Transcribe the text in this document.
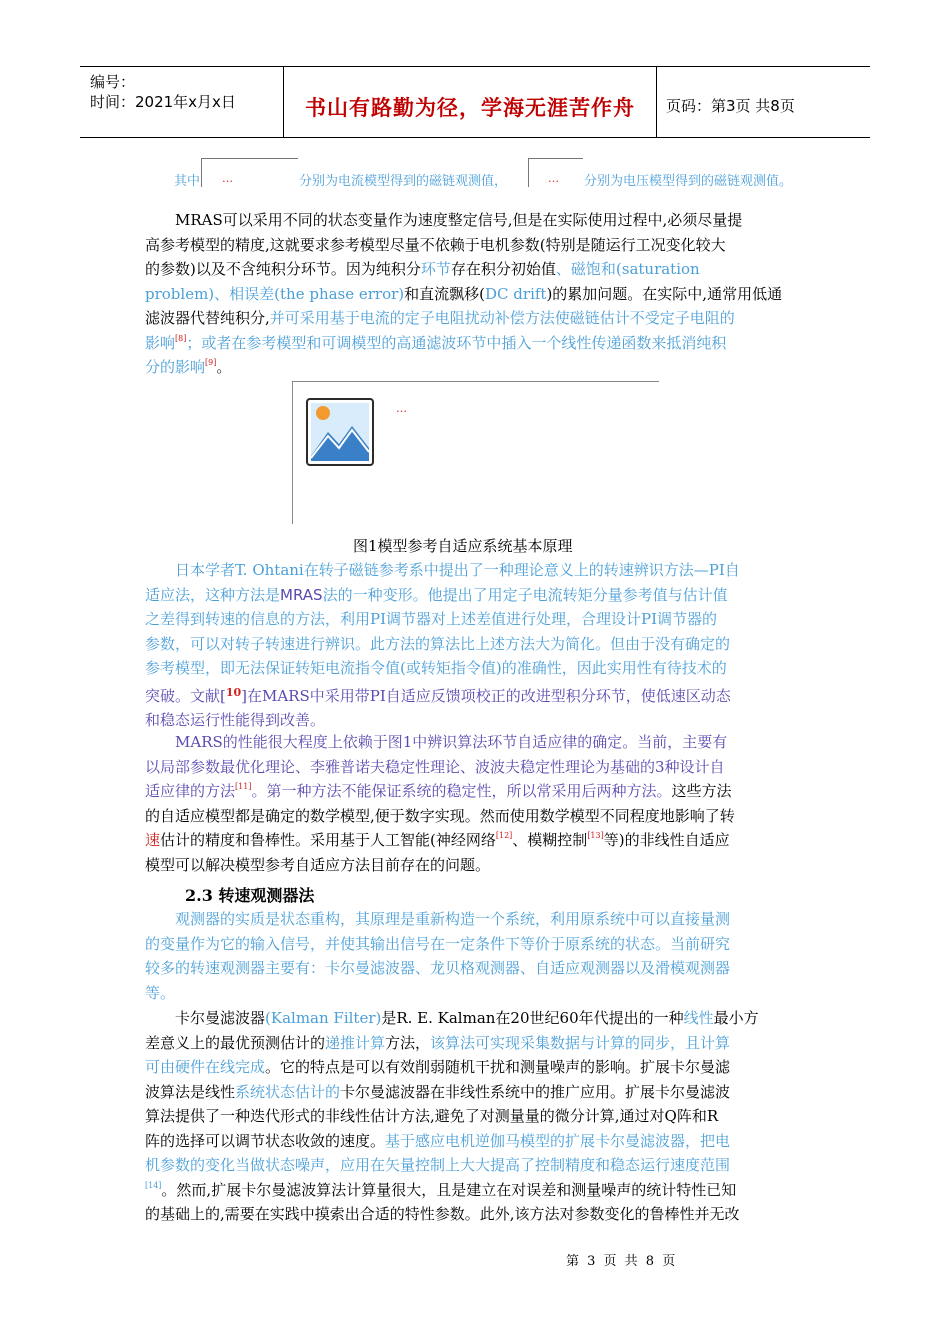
编号：
时间：2021年x月x日	书山有路勤为径，学海无涯苦作舟 页码：第3页 共8页
其中 …	分别为电流模型得到的磁链观测值，	… 分别为电压模型得到的磁链观测值。
MRAS可以采用不同的状态变量作为速度整定信号,但是在实际使用过程中,必须尽量提
高参考模型的精度,这就要求参考模型尽量不依赖于电机参数(特别是随运行工况变化较大
的参数)以及不含纯积分环节。因为纯积分环节存在积分初始值、磁饱和(saturation
problem)、相误差(the phase error)和直流飘移(DC drift)的累加问题。在实际中,通常用低通
滤波器代替纯积分,并可采用基于电流的定子电阻扰动补偿方法使磁链估计不受定子电阻的
影响[8]；或者在参考模型和可调模型的高通滤波环节中插入一个线性传递函数来抵消纯积
分的影响[9]。
…
图1模型参考自适应系统基本原理
日本学者T. Ohtani在转子磁链参考系中提出了一种理论意义上的转速辨识方法—PI自
适应法，这种方法是MRAS法的一种变形。他提出了用定子电流转矩分量参考值与估计值
之差得到转速的信息的方法，利用PI调节器对上述差值进行处理，合理设计PI调节器的
参数，可以对转子转速进行辨识。此方法的算法比上述方法大为简化。但由于没有确定的
参考模型，即无法保证转矩电流指令值(或转矩指令值)的准确性，因此实用性有待技术的
突破。文献[$^{10}$]在MARS中采用带PI自适应反馈项校正的改进型积分环节，使低速区动态
和稳态运行性能得到改善。
MARS的性能很大程度上依赖于图1中辨识算法环节自适应律的确定。当前，主要有
以局部参数最优化理论、李雅普诺夫稳定性理论、波波夫稳定性理论为基础的3种设计自
适应律的方法[11]。第一种方法不能保证系统的稳定性，所以常采用后两种方法。这些方法
的自适应模型都是确定的数学模型,便于数字实现。然而使用数学模型不同程度地影响了转
速估计的精度和鲁棒性。采用基于人工智能(神经网络[12]、模糊控制[13]等)的非线性自适应
模型可以解决模型参考自适应方法目前存在的问题。
2.3 转速观测器法
观测器的实质是状态重构，其原理是重新构造一个系统，利用原系统中可以直接量测
的变量作为它的输入信号，并使其输出信号在一定条件下等价于原系统的状态。当前研究
较多的转速观测器主要有：卡尔曼滤波器、龙贝格观测器、自适应观测器以及滑模观测器
等。
卡尔曼滤波器(Kalman Filter)是R. E. Kalman在20世纪60年代提出的一种线性最小方
差意义上的最优预测估计的递推计算方法，该算法可实现采集数据与计算的同步，且计算
可由硬件在线完成。它的特点是可以有效削弱随机干扰和测量噪声的影响。扩展卡尔曼滤
波算法是线性系统状态估计的卡尔曼滤波器在非线性系统中的推广应用。扩展卡尔曼滤波
算法提供了一种迭代形式的非线性估计方法,避免了对测量量的微分计算,通过对Q阵和R
阵的选择可以调节状态收敛的速度。基于感应电机逆伽马模型的扩展卡尔曼滤波器，把电
机参数的变化当做状态噪声，应用在矢量控制上大大提高了控制精度和稳态运行速度范围
[14]。然而,扩展卡尔曼滤波算法计算量很大，且是建立在对误差和测量噪声的统计特性已知
的基础上的,需要在实践中摸索出合适的特性参数。此外,该方法对参数变化的鲁棒性并无改
第 3 页 共 8 页
